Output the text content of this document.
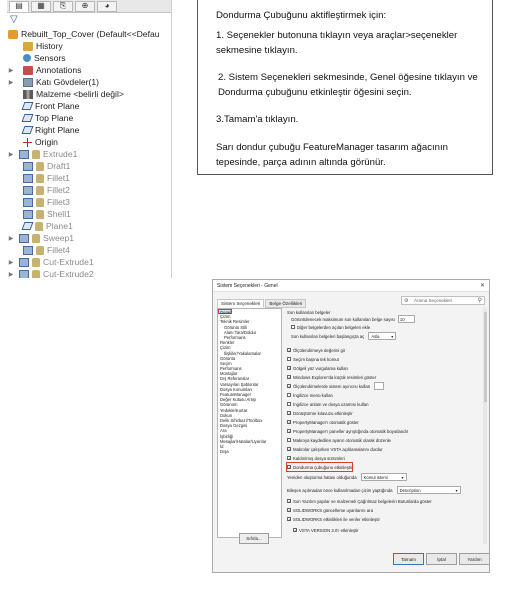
▤	▦	⎘	⊕	◕
▽
Rebuilt_Top_Cover (Default<<Defau
History
Sensors
▶	Annotations
▶	Katı Gövdeler(1)
Malzeme <belirli değil>
Front Plane
Top Plane
Right Plane
Origin
▶	Extrude1
Draft1
Fillet1
Fillet2
Fillet3
Shell1
Plane1
▶	Sweep1
Fillet4
▶	Cut-Extrude1
▶	Cut-Extrude2

Dondurma Çubuğunu aktifleştirmek için:

1. Seçenekler butonuna tıklayın veya araçlar>seçenekler sekmesine tıklayın.

2. Sistem Seçenekleri sekmesinde, Genel öğesine tıklayın ve Dondurma çubuğunu etkinleştir öğesini seçin.

3.Tamam'a tıklayın.

Sarı dondur çubuğu FeatureManager tasarım ağacının tepesinde, parça adının altında görünür.

Sistem Seçenekleri - Genel	✕
Sistem Seçenekleri	Belge Özellikleri	⚙ Arama Seçenekleri	⚲
Genel
Çizim
Teknik Resimler
Görüntü Stili
Alanı Tara/Doldur
Performans
Renkler
Çizim
İlişkiler/Yakalamalar
Görüntü
Seçim
Performans
Montajlar
Dış Referanslar
Varsayılan Şablonlar
Dosya Konumları
FeatureManager
Değer Kutusu Artışı
Görünüm
Yedekle/Kurtar
Dokun
Delik Sihirbazı/Toolbox
Dosya Gezgini
Ara
İşbirliği
Mesajlar/Hatalar/Uyarılar
İd
Dışa
Son kullanılan belgeler
Görüntülenecek maksimum son kullanılan belge sayısı	10
Diğer belgelerden açılan belgeleri ekle
Son kullanılan belgeleri başlangıçta aç Asla	▾
✓ Ölçülendirmeye değerini gir
Seçim başına tek komut
✓ Gölgeli yüz vurgulama kullan
✓ Windows Explorer'da küçük resimleri göster
✓ Ölçülendirmelerde sistem ayırıcısı kullan
İngilizce menü kullan
İngilizce anlam ve dosya uzantısı kullan
✓ Dönüştürme kılavuzu etkinleştir
✓ PropertyManager'ı otomatik göster
✓ PropertyManager'ı paneller ayrıştığında otomatik boyutlandır
Makroya kaydedilen ayarın otomatik olarak düzenle
✓ Makrolar çalışırken VSTA açıklamalarını durdur
✓ Kaldırılmış dosya sürümleri
✓ Dondurma çubuğunu etkinleştir
Yeniden oluşturma hatası olduğunda Komut istemi	▾
Bileşen açılmadan önce kullanılmadan çizim yaptığında Description	▾
✓ Son Yazılım yapılar ve malzemeli Çağrılmaz belgelerin Butunlarda göster
✓ SOLIDWORKS güncelleme uyarılarını ara
✓ SOLIDWORKS etkinlikleri ile veriler etkinleştir
✓ VSTA VERSION 3.0'ı etkinleştir
Sıfırla...
Tamam	İptal	Yardım
